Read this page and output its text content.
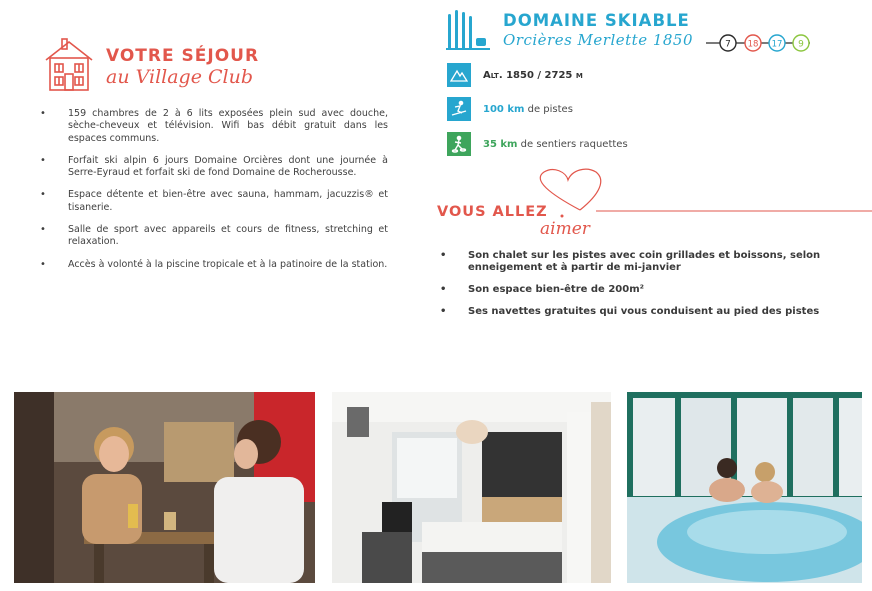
VOTRE SÉJOUR
au Village Club
• 159 chambres de 2 à 6 lits exposées plein sud avec douche, sèche-cheveux et télévision. Wifi bas débit gratuit dans les espaces communs.
• Forfait ski alpin 6 jours Domaine Orcières dont une journée à Serre-Eyraud et forfait ski de fond Domaine de Rocherousse.
• Espace détente et bien-être avec sauna, hammam, jacuzzis® et tisanerie.
• Salle de sport avec appareils et cours de fitness, stretching et relaxation.
• Accès à volonté à la piscine tropicale et à la patinoire de la station.
DOMAINE SKIABLE
Orcières Merlette 1850	7 18 17 9
Alt. 1850 / 2725 m
100 km de pistes
35 km de sentiers raquettes
VOUS ALLEZ
aimer
• Son chalet sur les pistes avec coin grillades et boissons, selon enneigement et à partir de mi-janvier
• Son espace bien-être de 200m²
• Ses navettes gratuites qui vous conduisent au pied des pistes
